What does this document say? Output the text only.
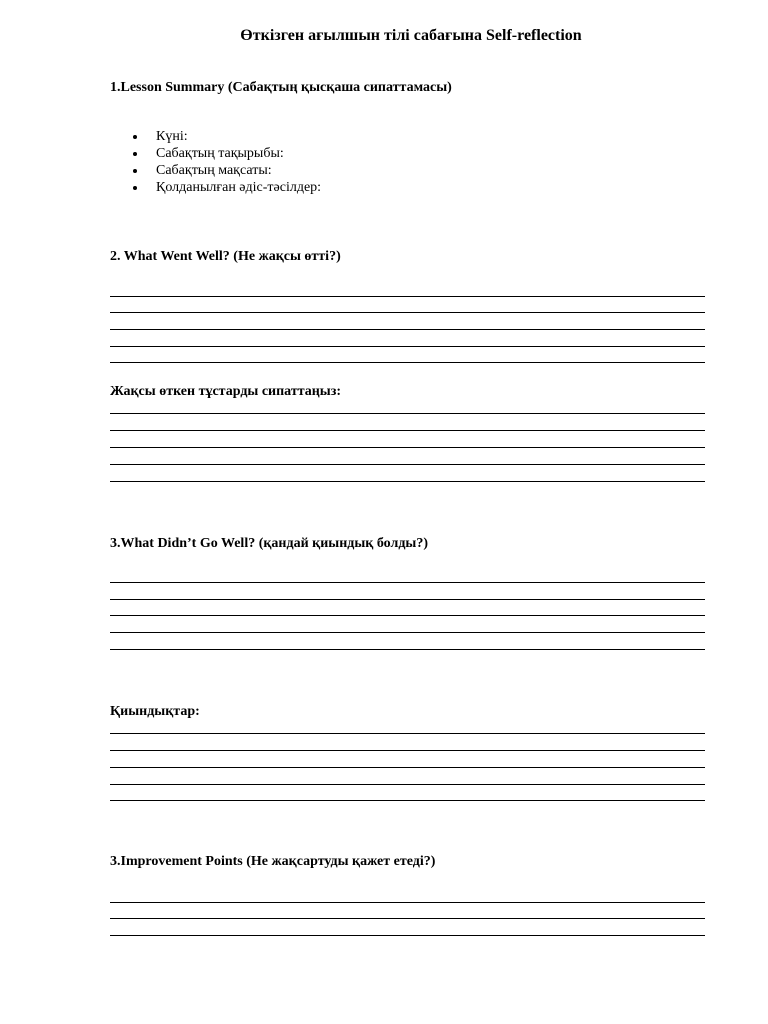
Өткізген ағылшын тілі сабағына Self-reflection
1.Lesson Summary (Сабақтың қысқаша сипаттамасы)
Күні:
Сабақтың тақырыбы:
Сабақтың мақсаты:
Қолданылған әдіс-тәсілдер:
2. What Went Well? (Не жақсы өтті?)
Жақсы өткен тұстарды сипаттаңыз:
3.What Didn’t Go Well? (қандай қиындық болды?)
Қиындықтар:
3.Improvement Points (Не жақсартуды қажет етеді?)
